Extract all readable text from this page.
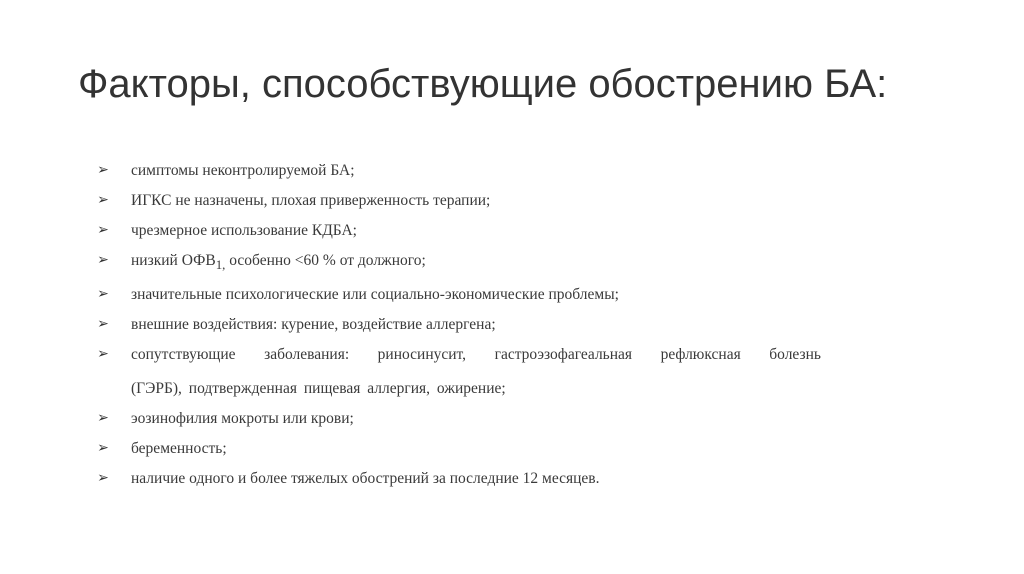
Факторы, способствующие обострению БА:
➢ симптомы неконтролируемой БА;
➢ ИГКС не назначены, плохая приверженность терапии;
➢ чрезмерное использование КДБА;
➢ низкий $ОФВ_{1,}$ особенно <60 % от должного;
➢ значительные психологические или социально-экономические проблемы;
➢ внешние воздействия: курение, воздействие аллергена;
➢ сопутствующие заболевания: риносинусит, гастроэзофагеальная рефлюксная болезнь
(ГЭРБ), подтвержденная пищевая аллергия, ожирение;
➢ эозинофилия мокроты или крови;
➢ беременность;
➢ наличие одного и более тяжелых обострений за последние 12 месяцев.
